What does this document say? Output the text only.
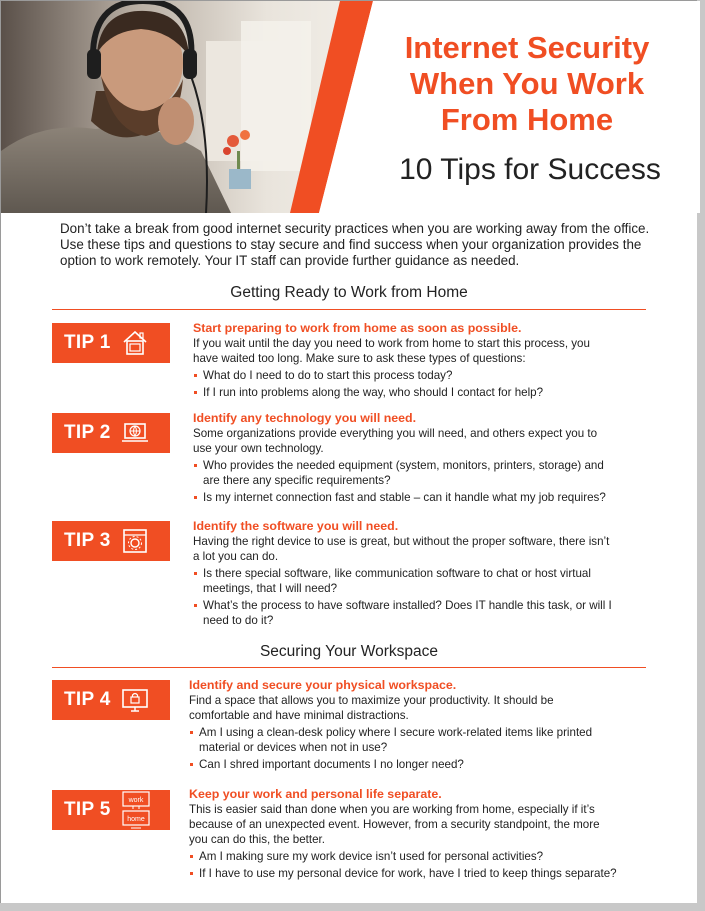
Internet Security
When You Work
From Home
10 Tips for Success
Don’t take a break from good internet security practices when you are working away from the office. Use these tips and questions to stay secure and find success when your organization provides the option to work remotely. Your IT staff can provide further guidance as needed.
Getting Ready to Work from Home
TIP 1
Start preparing to work from home as soon as possible.
If you wait until the day you need to work from home to start this process, you have waited too long. Make sure to ask these types of questions:
What do I need to do to start this process today?
If I run into problems along the way, who should I contact for help?
TIP 2
Identify any technology you will need.
Some organizations provide everything you will need, and others expect you to use your own technology.
Who provides the needed equipment (system, monitors, printers, storage) and are there any specific requirements?
Is my internet connection fast and stable – can it handle what my job requires?
TIP 3
Identify the software you will need.
Having the right device to use is great, but without the proper software, there isn’t a lot you can do.
Is there special software, like communication software to chat or host virtual meetings, that I will need?
What’s the process to have software installed? Does IT handle this task, or will I need to do it?
Securing Your Workspace
TIP 4
Identify and secure your physical workspace.
Find a space that allows you to maximize your productivity. It should be comfortable and have minimal distractions.
Am I using a clean-desk policy where I secure work-related items like printed material or devices when not in use?
Can I shred important documents I no longer need?
TIP 5	work
home
Keep your work and personal life separate.
This is easier said than done when you are working from home, especially if it’s because of an unexpected event. However, from a security standpoint, the more you can do this, the better.
Am I making sure my work device isn’t used for personal activities?
If I have to use my personal device for work, have I tried to keep things separate?
